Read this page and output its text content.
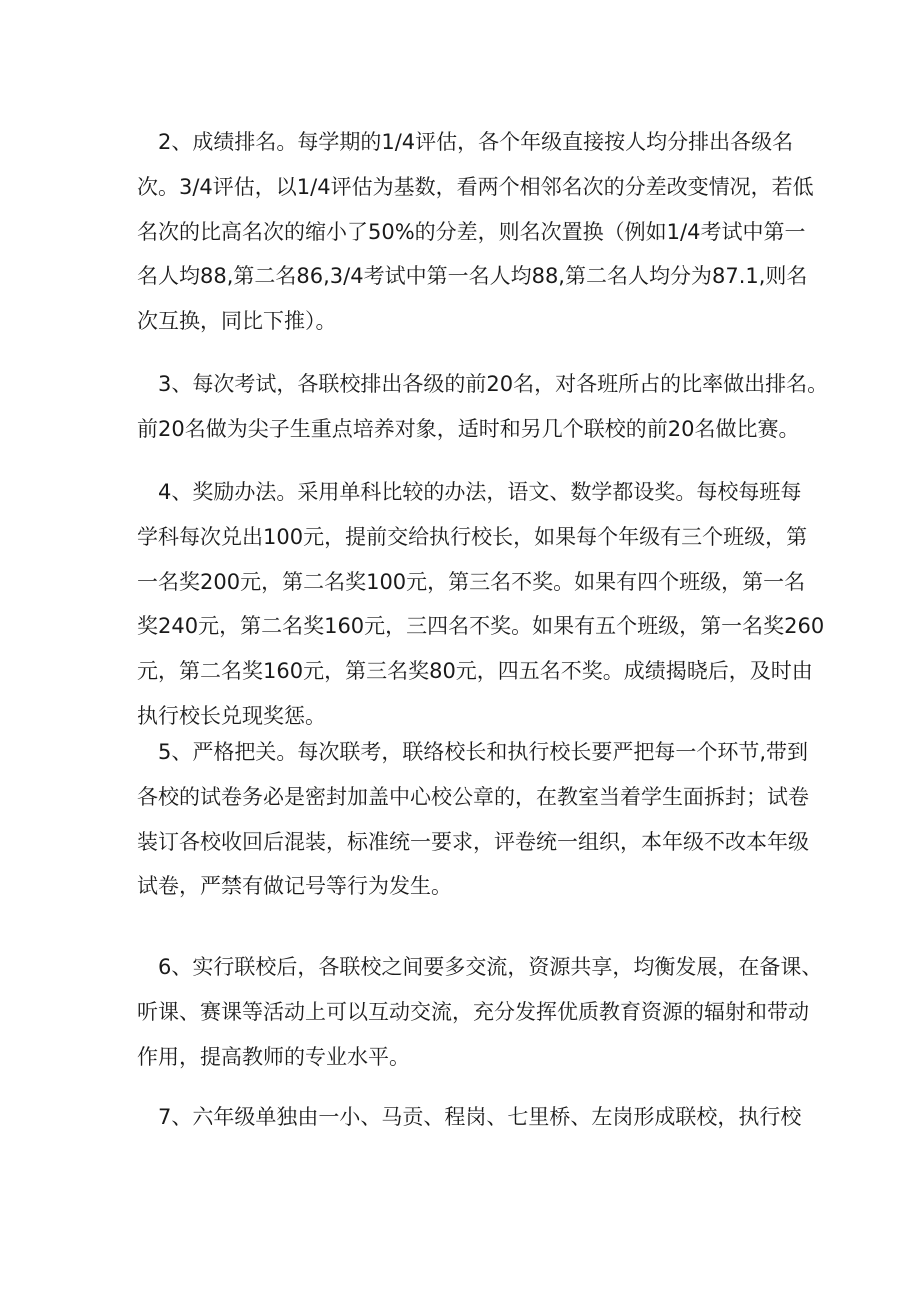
　2、成绩排名。每学期的1/4评估，各个年级直接按人均分排出各级名
次。3/4评估，以1/4评估为基数，看两个相邻名次的分差改变情况，若低
名次的比高名次的缩小了50%的分差，则名次置换（例如1/4考试中第一
名人均88,第二名86,3/4考试中第一名人均88,第二名人均分为87.1,则名
次互换，同比下推）。
　3、每次考试，各联校排出各级的前20名，对各班所占的比率做出排名。
前20名做为尖子生重点培养对象，适时和另几个联校的前20名做比赛。
　4、奖励办法。采用单科比较的办法，语文、数学都设奖。每校每班每
学科每次兑出100元，提前交给执行校长，如果每个年级有三个班级，第
一名奖200元，第二名奖100元，第三名不奖。如果有四个班级，第一名
奖240元，第二名奖160元，三四名不奖。如果有五个班级，第一名奖260
元，第二名奖160元，第三名奖80元，四五名不奖。成绩揭晓后，及时由
执行校长兑现奖惩。
　5、严格把关。每次联考，联络校长和执行校长要严把每一个环节,带到
各校的试卷务必是密封加盖中心校公章的，在教室当着学生面拆封；试卷
装订各校收回后混装，标准统一要求，评卷统一组织，本年级不改本年级
试卷，严禁有做记号等行为发生。
　6、实行联校后，各联校之间要多交流，资源共享，均衡发展，在备课、
听课、赛课等活动上可以互动交流，充分发挥优质教育资源的辐射和带动
作用，提高教师的专业水平。
　7、六年级单独由一小、马贡、程岗、七里桥、左岗形成联校，执行校
